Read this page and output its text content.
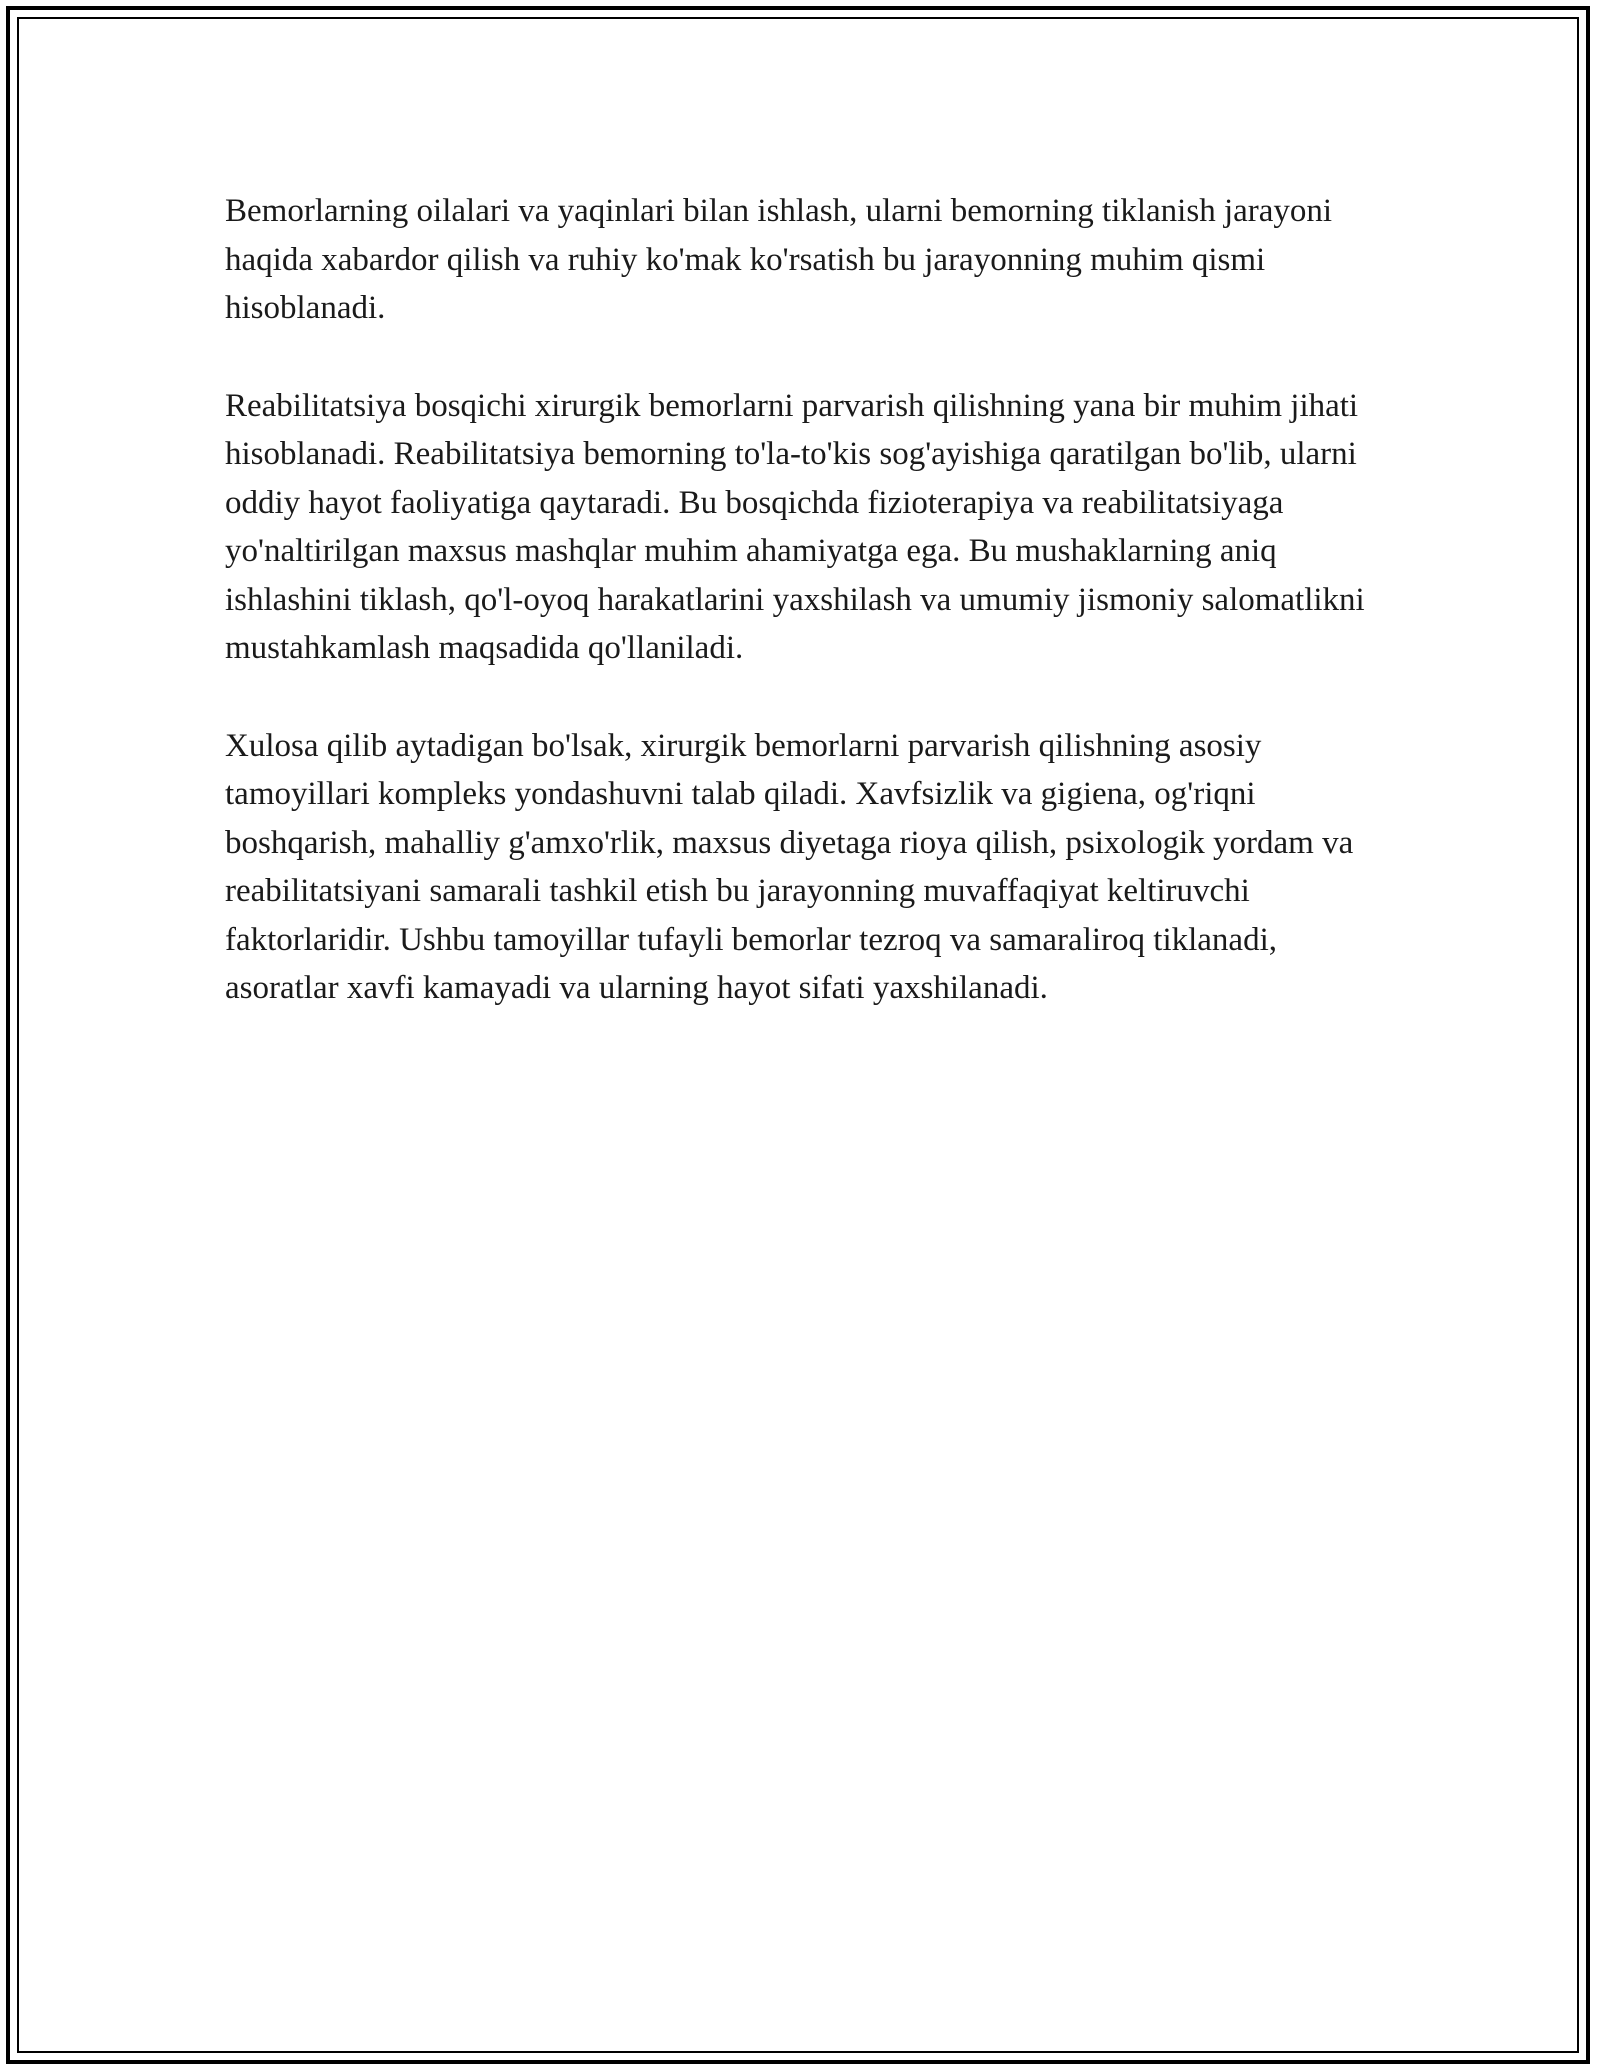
Bemorlarning oilalari va yaqinlari bilan ishlash, ularni bemorning tiklanish jarayoni haqida xabardor qilish va ruhiy ko'mak ko'rsatish bu jarayonning muhim qismi hisoblanadi.

Reabilitatsiya bosqichi xirurgik bemorlarni parvarish qilishning yana bir muhim jihati hisoblanadi. Reabilitatsiya bemorning to'la-to'kis sog'ayishiga qaratilgan bo'lib, ularni oddiy hayot faoliyatiga qaytaradi. Bu bosqichda fizioterapiya va reabilitatsiyaga yo'naltirilgan maxsus mashqlar muhim ahamiyatga ega. Bu mushaklarning aniq ishlashini tiklash, qo'l-oyoq harakatlarini yaxshilash va umumiy jismoniy salomatlikni mustahkamlash maqsadida qo'llaniladi.

Xulosa qilib aytadigan bo'lsak, xirurgik bemorlarni parvarish qilishning asosiy tamoyillari kompleks yondashuvni talab qiladi. Xavfsizlik va gigiena, og'riqni boshqarish, mahalliy g'amxo'rlik, maxsus diyetaga rioya qilish, psixologik yordam va reabilitatsiyani samarali tashkil etish bu jarayonning muvaffaqiyat keltiruvchi faktorlaridir. Ushbu tamoyillar tufayli bemorlar tezroq va samaraliroq tiklanadi, asoratlar xavfi kamayadi va ularning hayot sifati yaxshilanadi.
